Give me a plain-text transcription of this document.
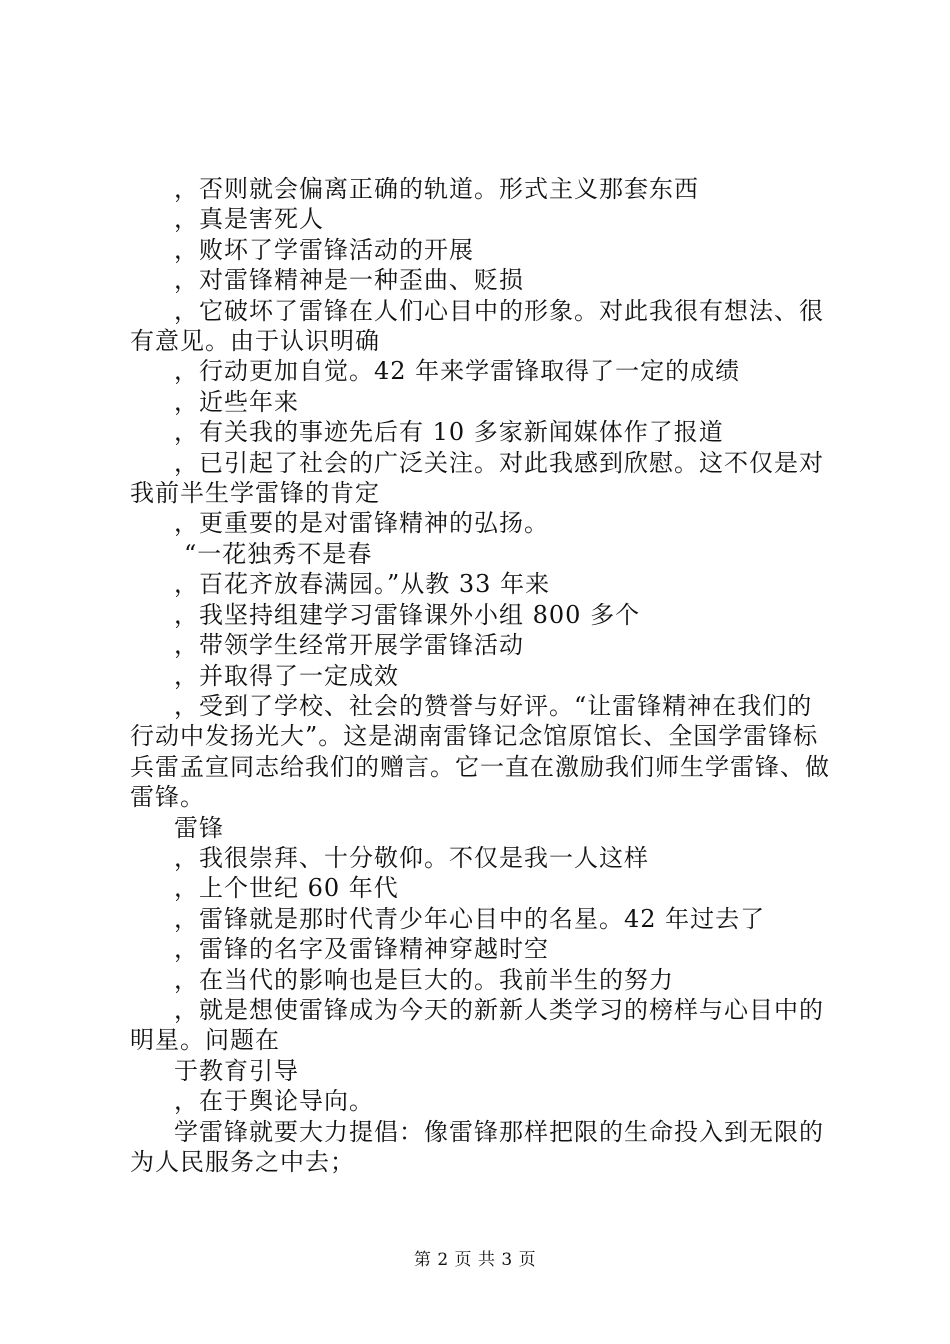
，否则就会偏离正确的轨道。形式主义那套东西

，真是害死人

，败坏了学雷锋活动的开展

，对雷锋精神是一种歪曲、贬损

，它破坏了雷锋在人们心目中的形象。对此我很有想法、很有意见。由于认识明确

，行动更加自觉。42 年来学雷锋取得了一定的成绩

，近些年来

，有关我的事迹先后有 10 多家新闻媒体作了报道

，已引起了社会的广泛关注。对此我感到欣慰。这不仅是对我前半生学雷锋的肯定

，更重要的是对雷锋精神的弘扬。

“一花独秀不是春

，百花齐放春满园。”从教 33 年来

，我坚持组建学习雷锋课外小组 800 多个

，带领学生经常开展学雷锋活动

，并取得了一定成效

，受到了学校、社会的赞誉与好评。“让雷锋精神在我们的行动中发扬光大”。这是湖南雷锋记念馆原馆长、全国学雷锋标兵雷孟宣同志给我们的赠言。它一直在激励我们师生学雷锋、做雷锋。

雷锋

，我很崇拜、十分敬仰。不仅是我一人这样

，上个世纪 60 年代

，雷锋就是那时代青少年心目中的名星。42 年过去了

，雷锋的名字及雷锋精神穿越时空

，在当代的影响也是巨大的。我前半生的努力

，就是想使雷锋成为今天的新新人类学习的榜样与心目中的明星。问题在

于教育引导

，在于舆论导向。

学雷锋就要大力提倡：像雷锋那样把限的生命投入到无限的为人民服务之中去；

第 2 页 共 3 页
